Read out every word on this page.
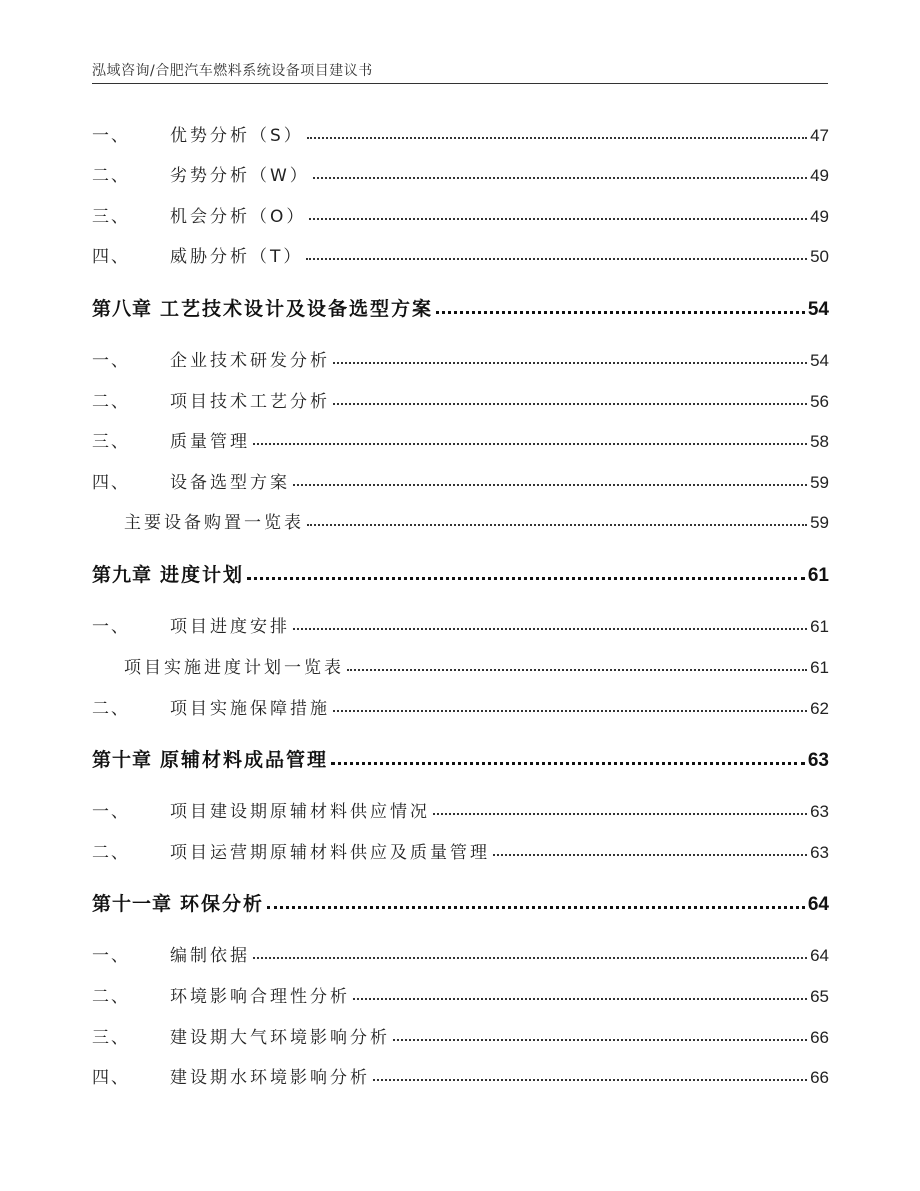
泓域咨询/合肥汽车燃料系统设备项目建议书
一、	优势分析（S）	47
二、	劣势分析（W）	49
三、	机会分析（O）	49
四、	威胁分析（T）	50
第八章 工艺技术设计及设备选型方案	54
一、	企业技术研发分析	54
二、	项目技术工艺分析	56
三、	质量管理	58
四、	设备选型方案	59
主要设备购置一览表	59
第九章 进度计划	61
一、	项目进度安排	61
项目实施进度计划一览表	61
二、	项目实施保障措施	62
第十章 原辅材料成品管理	63
一、	项目建设期原辅材料供应情况	63
二、	项目运营期原辅材料供应及质量管理	63
第十一章 环保分析	64
一、	编制依据	64
二、	环境影响合理性分析	65
三、	建设期大气环境影响分析	66
四、	建设期水环境影响分析	66
